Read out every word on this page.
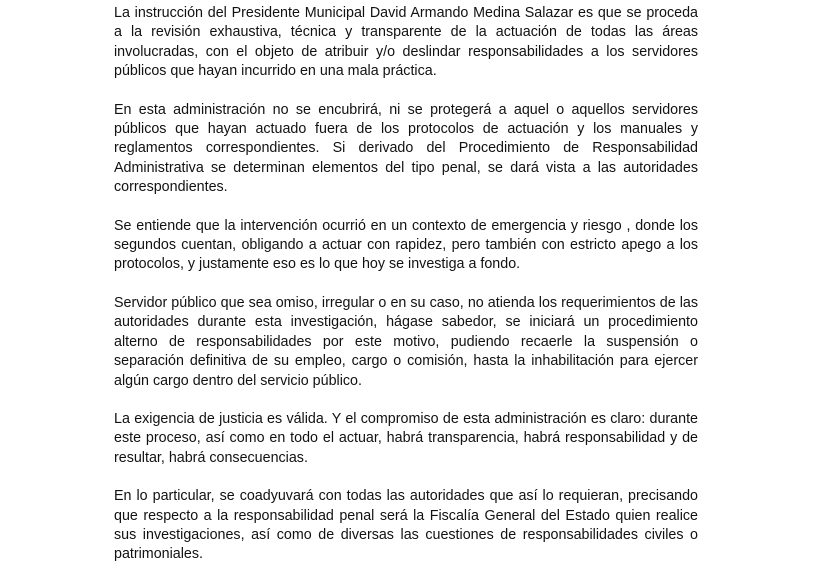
La instrucción del Presidente Municipal David Armando Medina Salazar es que se proceda a la revisión exhaustiva, técnica y transparente de la actuación de todas las áreas involucradas, con el objeto de atribuir y/o deslindar responsabilidades a los servidores públicos que hayan incurrido en una mala práctica.

En esta administración no se encubrirá, ni se protegerá a aquel o aquellos servidores públicos que hayan actuado fuera de los protocolos de actuación y los manuales y reglamentos correspondientes. Si derivado del Procedimiento de Responsabilidad Administrativa se determinan elementos del tipo penal, se dará vista a las autoridades correspondientes.

Se entiende que la intervención ocurrió en un contexto de emergencia y riesgo , donde los segundos cuentan, obligando a actuar con rapidez, pero también con estricto apego a los protocolos, y justamente eso es lo que hoy se investiga a fondo.

Servidor público que sea omiso, irregular o en su caso, no atienda los requerimientos de las autoridades durante esta investigación, hágase sabedor, se iniciará un procedimiento alterno de responsabilidades por este motivo, pudiendo recaerle la suspensión o separación definitiva de su empleo, cargo o comisión, hasta la inhabilitación para ejercer algún cargo dentro del servicio público.

La exigencia de justicia es válida. Y el compromiso de esta administración es claro: durante este proceso, así como en todo el actuar, habrá transparencia, habrá responsabilidad y de resultar, habrá consecuencias.

En lo particular, se coadyuvará con todas las autoridades que así lo requieran, precisando que respecto a la responsabilidad penal será la Fiscalía General del Estado quien realice sus investigaciones, así como de diversas las cuestiones de responsabilidades civiles o patrimoniales.
